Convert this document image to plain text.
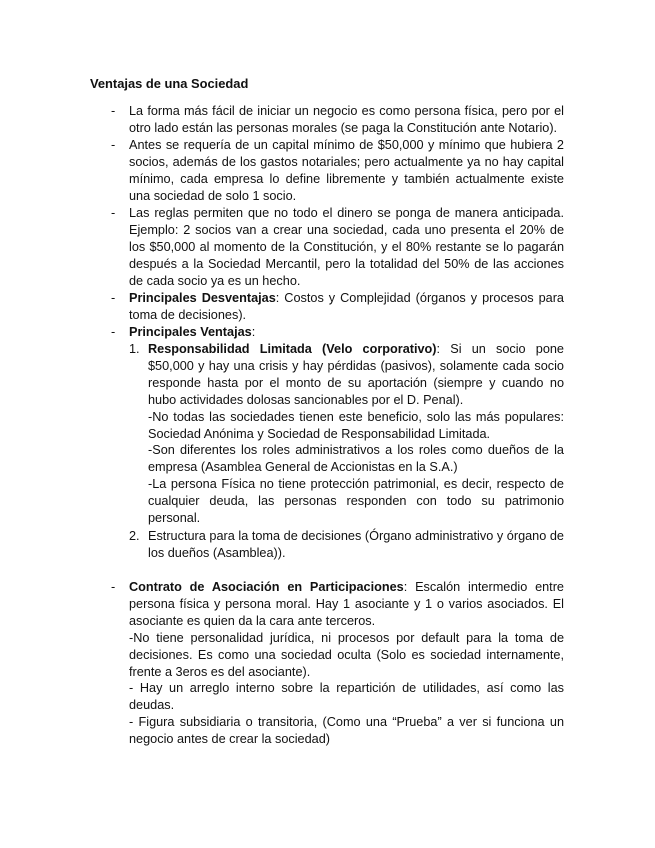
Ventajas de una Sociedad
- La forma más fácil de iniciar un negocio es como persona física, pero por el otro lado están las personas morales (se paga la Constitución ante Notario).

- Antes se requería de un capital mínimo de $50,000 y mínimo que hubiera 2 socios, además de los gastos notariales; pero actualmente ya no hay capital mínimo, cada empresa lo define libremente y también actualmente existe una sociedad de solo 1 socio.

- Las reglas permiten que no todo el dinero se ponga de manera anticipada. Ejemplo: 2 socios van a crear una sociedad, cada uno presenta el 20% de los $50,000 al momento de la Constitución, y el 80% restante se lo pagarán después a la Sociedad Mercantil, pero la totalidad del 50% de las acciones de cada socio ya es un hecho.

- Principales Desventajas: Costos y Complejidad (órganos y procesos para toma de decisiones).

- Principales Ventajas:

1. Responsabilidad Limitada (Velo corporativo): Si un socio pone $50,000 y hay una crisis y hay pérdidas (pasivos), solamente cada socio responde hasta por el monto de su aportación (siempre y cuando no hubo actividades dolosas sancionables por el D. Penal).

-No todas las sociedades tienen este beneficio, solo las más populares: Sociedad Anónima y Sociedad de Responsabilidad Limitada.

-Son diferentes los roles administrativos a los roles como dueños de la empresa (Asamblea General de Accionistas en la S.A.)

-La persona Física no tiene protección patrimonial, es decir, respecto de cualquier deuda, las personas responden con todo su patrimonio personal.

2. Estructura para la toma de decisiones (Órgano administrativo y órgano de los dueños (Asamblea)).

- Contrato de Asociación en Participaciones: Escalón intermedio entre persona física y persona moral. Hay 1 asociante y 1 o varios asociados. El asociante es quien da la cara ante terceros.

-No tiene personalidad jurídica, ni procesos por default para la toma de decisiones. Es como una sociedad oculta (Solo es sociedad internamente, frente a 3eros es del asociante).

- Hay un arreglo interno sobre la repartición de utilidades, así como las deudas.

- Figura subsidiaria o transitoria, (Como una “Prueba” a ver si funciona un negocio antes de crear la sociedad)
